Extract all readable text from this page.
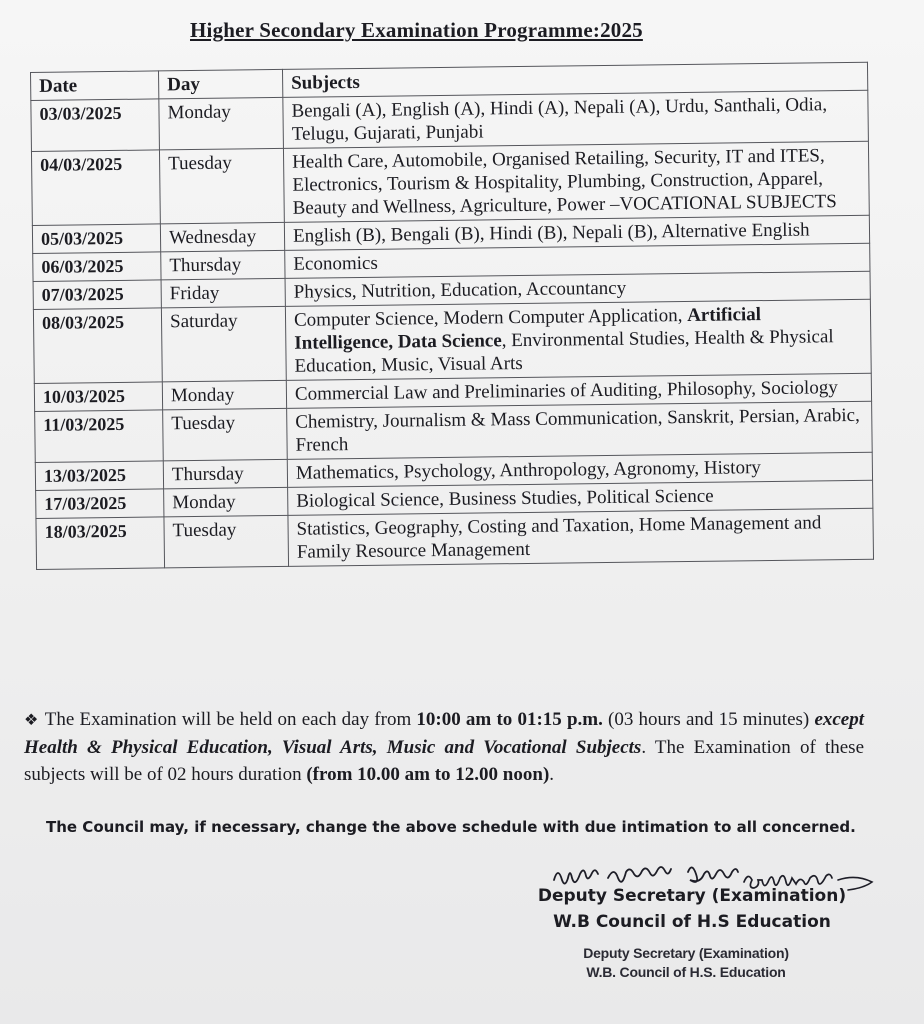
Higher Secondary Examination Programme:2025
Date	Day	Subjects
03/03/2025	Monday	Bengali (A), English (A), Hindi (A), Nepali (A), Urdu, Santhali, Odia, Telugu, Gujarati, Punjabi
04/03/2025	Tuesday	Health Care, Automobile, Organised Retailing, Security, IT and ITES, Electronics, Tourism & Hospitality, Plumbing, Construction, Apparel, Beauty and Wellness, Agriculture, Power –VOCATIONAL SUBJECTS
05/03/2025	Wednesday	English (B), Bengali (B), Hindi (B), Nepali (B), Alternative English
06/03/2025	Thursday	Economics
07/03/2025	Friday	Physics, Nutrition, Education, Accountancy
08/03/2025	Saturday	Computer Science, Modern Computer Application, Artificial Intelligence, Data Science, Environmental Studies, Health & Physical Education, Music, Visual Arts
10/03/2025	Monday	Commercial Law and Preliminaries of Auditing, Philosophy, Sociology
11/03/2025	Tuesday	Chemistry, Journalism & Mass Communication, Sanskrit, Persian, Arabic, French
13/03/2025	Thursday	Mathematics, Psychology, Anthropology, Agronomy, History
17/03/2025	Monday	Biological Science, Business Studies, Political Science
18/03/2025	Tuesday	Statistics, Geography, Costing and Taxation, Home Management and Family Resource Management
❖ The Examination will be held on each day from 10:00 am to 01:15 p.m. (03 hours and 15 minutes) except Health & Physical Education, Visual Arts, Music and Vocational Subjects. The Examination of these subjects will be of 02 hours duration (from 10.00 am to 12.00 noon).
The Council may, if necessary, change the above schedule with due intimation to all concerned.
Deputy Secretary (Examination)
W.B Council of H.S Education
Deputy Secretary (Examination)
W.B. Council of H.S. Education
